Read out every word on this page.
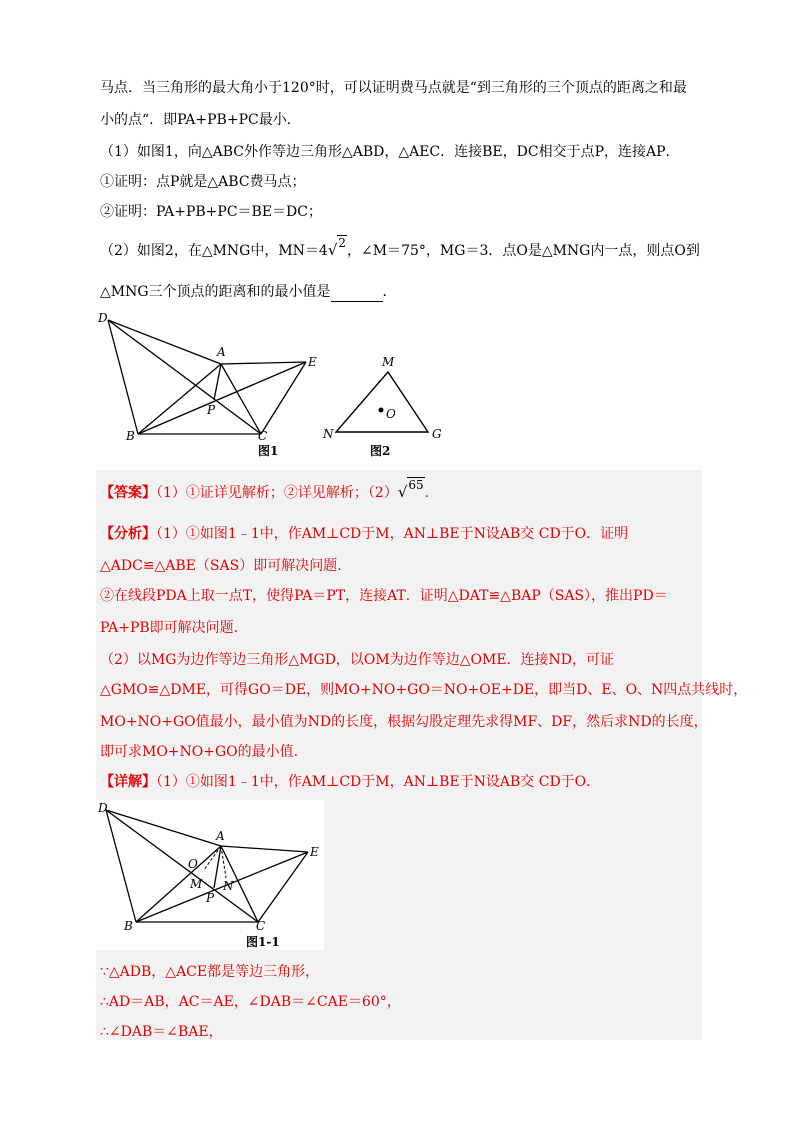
马点．当三角形的最大角小于120°时，可以证明费马点就是“到三角形的三个顶点的距离之和最
小的点“．即PA+PB+PC最小．
（1）如图1，向△ABC外作等边三角形△ABD，△AEC．连接BE，DC相交于点P，连接AP．
①证明：点P就是△ABC费马点；
②证明：PA+PB+PC＝BE＝DC；
（2）如图2，在△MNG中，MN＝4√2，∠M＝75°，MG＝3．点O是△MNG内一点，则点O到
△MNG三个顶点的距离和的最小值是	．
D
A
E
P
B	C
图1
M
O
N	G
图2
【答案】（1）①证详见解析；②详见解析；（2）√65．
【分析】（1）①如图1﹣1中，作AM⊥CD于M，AN⊥BE于N设AB交 CD于O．证明
△ADC≌△ABE（SAS）即可解决问题．
②在线段PDA上取一点T，使得PA＝PT，连接AT．证明△DAT≌△BAP（SAS），推出PD＝
PA+PB即可解决问题．
（2）以MG为边作等边三角形△MGD，以OM为边作等边△OME．连接ND，可证
△GMO≌△DME，可得GO＝DE，则MO+NO+GO＝NO+OE+DE，即当D、E、O、N四点共线时，
MO+NO+GO值最小，最小值为ND的长度，根据勾股定理先求得MF、DF，然后求ND的长度，
即可求MO+NO+GO的最小值．
【详解】（1）①如图1﹣1中，作AM⊥CD于M，AN⊥BE于N设AB交 CD于O．
D
A
E
O
M N
P
B	C
图1-1
∵△ADB，△ACE都是等边三角形，
∴AD＝AB，AC＝AE，∠DAB＝∠CAE＝60°，
∴∠DAB＝∠BAE，
